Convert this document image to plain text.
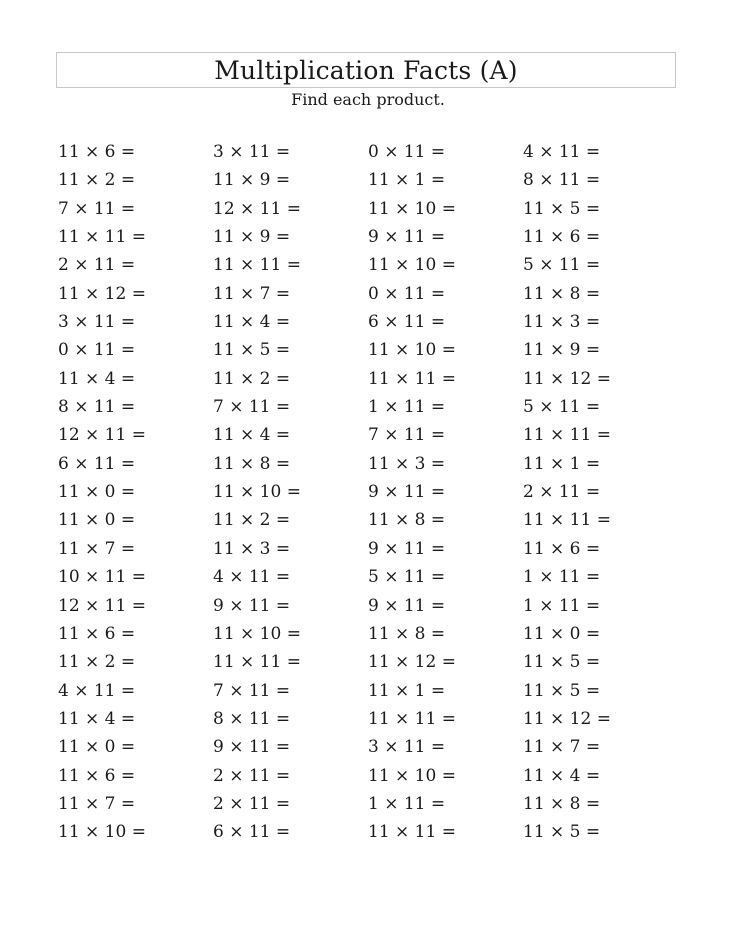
Multiplication Facts (A)
Find each product.
11 × 6 =
11 × 2 =
7 × 11 =
11 × 11 =
2 × 11 =
11 × 12 =
3 × 11 =
0 × 11 =
11 × 4 =
8 × 11 =
12 × 11 =
6 × 11 =
11 × 0 =
11 × 0 =
11 × 7 =
10 × 11 =
12 × 11 =
11 × 6 =
11 × 2 =
4 × 11 =
11 × 4 =
11 × 0 =
11 × 6 =
11 × 7 =
11 × 10 =
3 × 11 =
11 × 9 =
12 × 11 =
11 × 9 =
11 × 11 =
11 × 7 =
11 × 4 =
11 × 5 =
11 × 2 =
7 × 11 =
11 × 4 =
11 × 8 =
11 × 10 =
11 × 2 =
11 × 3 =
4 × 11 =
9 × 11 =
11 × 10 =
11 × 11 =
7 × 11 =
8 × 11 =
9 × 11 =
2 × 11 =
2 × 11 =
6 × 11 =
0 × 11 =
11 × 1 =
11 × 10 =
9 × 11 =
11 × 10 =
0 × 11 =
6 × 11 =
11 × 10 =
11 × 11 =
1 × 11 =
7 × 11 =
11 × 3 =
9 × 11 =
11 × 8 =
9 × 11 =
5 × 11 =
9 × 11 =
11 × 8 =
11 × 12 =
11 × 1 =
11 × 11 =
3 × 11 =
11 × 10 =
1 × 11 =
11 × 11 =
4 × 11 =
8 × 11 =
11 × 5 =
11 × 6 =
5 × 11 =
11 × 8 =
11 × 3 =
11 × 9 =
11 × 12 =
5 × 11 =
11 × 11 =
11 × 1 =
2 × 11 =
11 × 11 =
11 × 6 =
1 × 11 =
1 × 11 =
11 × 0 =
11 × 5 =
11 × 5 =
11 × 12 =
11 × 7 =
11 × 4 =
11 × 8 =
11 × 5 =
